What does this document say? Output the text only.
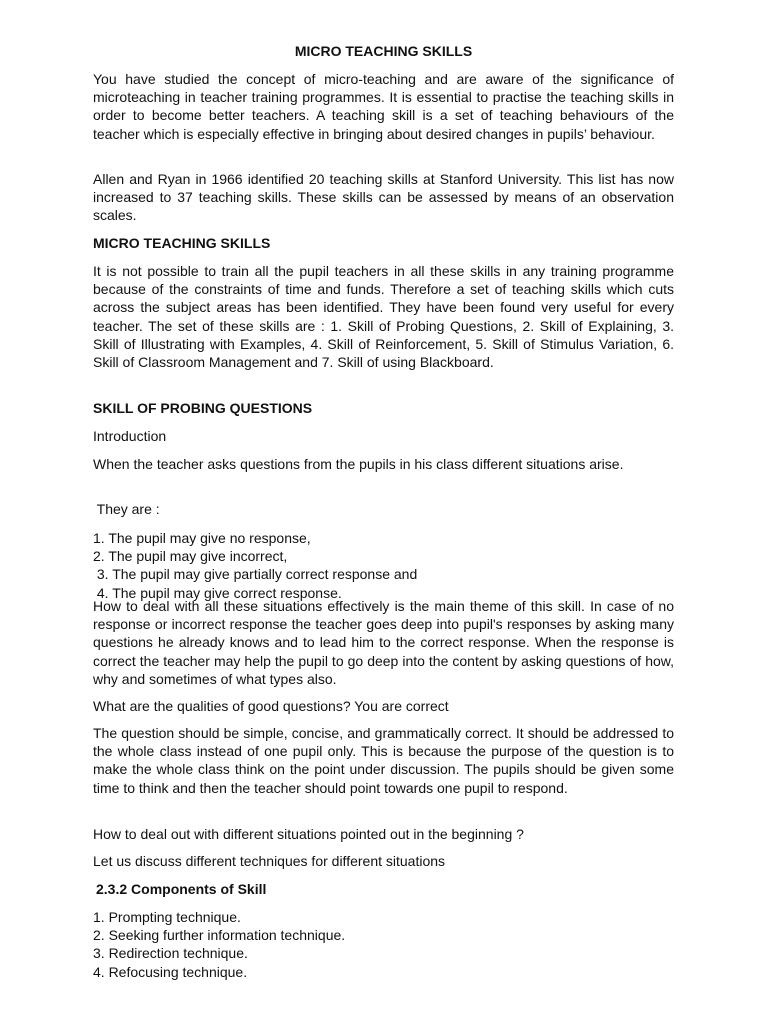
MICRO TEACHING SKILLS

You have studied the concept of micro-teaching and are aware of the significance of microteaching in teacher training programmes. It is essential to practise the teaching skills in order to become better teachers. A teaching skill is a set of teaching behaviours of the teacher which is especially effective in bringing about desired changes in pupils’ behaviour.

Allen and Ryan in 1966 identified 20 teaching skills at Stanford University. This list has now increased to 37 teaching skills. These skills can be assessed by means of an observation scales.

MICRO TEACHING SKILLS

It is not possible to train all the pupil teachers in all these skills in any training programme because of the constraints of time and funds. Therefore a set of teaching skills which cuts across the subject areas has been identified. They have been found very useful for every teacher. The set of these skills are : 1. Skill of Probing Questions, 2. Skill of Explaining, 3. Skill of Illustrating with Examples, 4. Skill of Reinforcement, 5. Skill of Stimulus Variation, 6. Skill of Classroom Management and 7. Skill of using Blackboard.

SKILL OF PROBING QUESTIONS

Introduction

When the teacher asks questions from the pupils in his class different situations arise.

They are :

1. The pupil may give no response,
2. The pupil may give incorrect,
3. The pupil may give partially correct response and
4. The pupil may give correct response.

How to deal with all these situations effectively is the main theme of this skill. In case of no response or incorrect response the teacher goes deep into pupil's responses by asking many questions he already knows and to lead him to the correct response. When the response is correct the teacher may help the pupil to go deep into the content by asking questions of how, why and sometimes of what types also.

What are the qualities of good questions? You are correct

The question should be simple, concise, and grammatically correct. It should be addressed to the whole class instead of one pupil only. This is because the purpose of the question is to make the whole class think on the point under discussion. The pupils should be given some time to think and then the teacher should point towards one pupil to respond.

How to deal out with different situations pointed out in the beginning ?

Let us discuss different techniques for different situations

2.3.2 Components of Skill

1. Prompting technique.
2. Seeking further information technique.
3. Redirection technique.
4. Refocusing technique.
